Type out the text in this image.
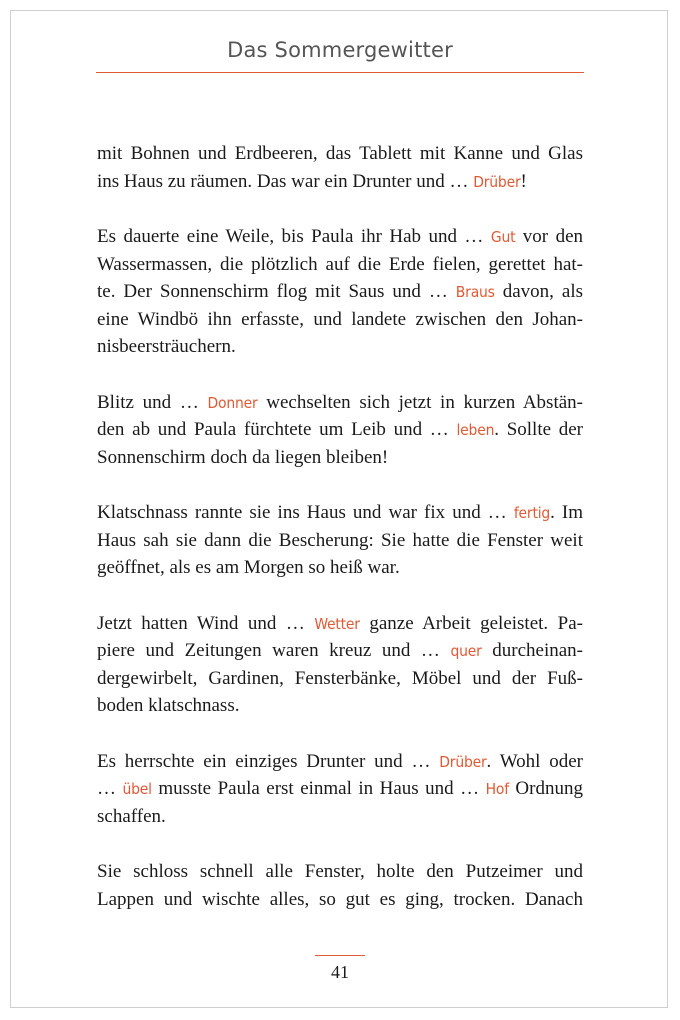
Das Sommergewitter
mit Bohnen und Erdbeeren, das Tablett mit Kanne und Glas
ins Haus zu räumen. Das war ein Drunter und … Drüber!
Es dauerte eine Weile, bis Paula ihr Hab und … Gut vor den
Wassermassen, die plötzlich auf die Erde fielen, gerettet hat-
te. Der Sonnenschirm flog mit Saus und … Braus davon, als
eine Windbö ihn erfasste, und landete zwischen den Johan-
nisbeersträuchern.
Blitz und … Donner wechselten sich jetzt in kurzen Abstän-
den ab und Paula fürchtete um Leib und … leben. Sollte der
Sonnenschirm doch da liegen bleiben!
Klatschnass rannte sie ins Haus und war fix und … fertig. Im
Haus sah sie dann die Bescherung: Sie hatte die Fenster weit
geöffnet, als es am Morgen so heiß war.
Jetzt hatten Wind und … Wetter ganze Arbeit geleistet. Pa-
piere und Zeitungen waren kreuz und … quer durcheinan-
dergewirbelt, Gardinen, Fensterbänke, Möbel und der Fuß-
boden klatschnass.
Es herrschte ein einziges Drunter und … Drüber. Wohl oder
… übel musste Paula erst einmal in Haus und … Hof Ordnung
schaffen.
Sie schloss schnell alle Fenster, holte den Putzeimer und
Lappen und wischte alles, so gut es ging, trocken. Danach
41
